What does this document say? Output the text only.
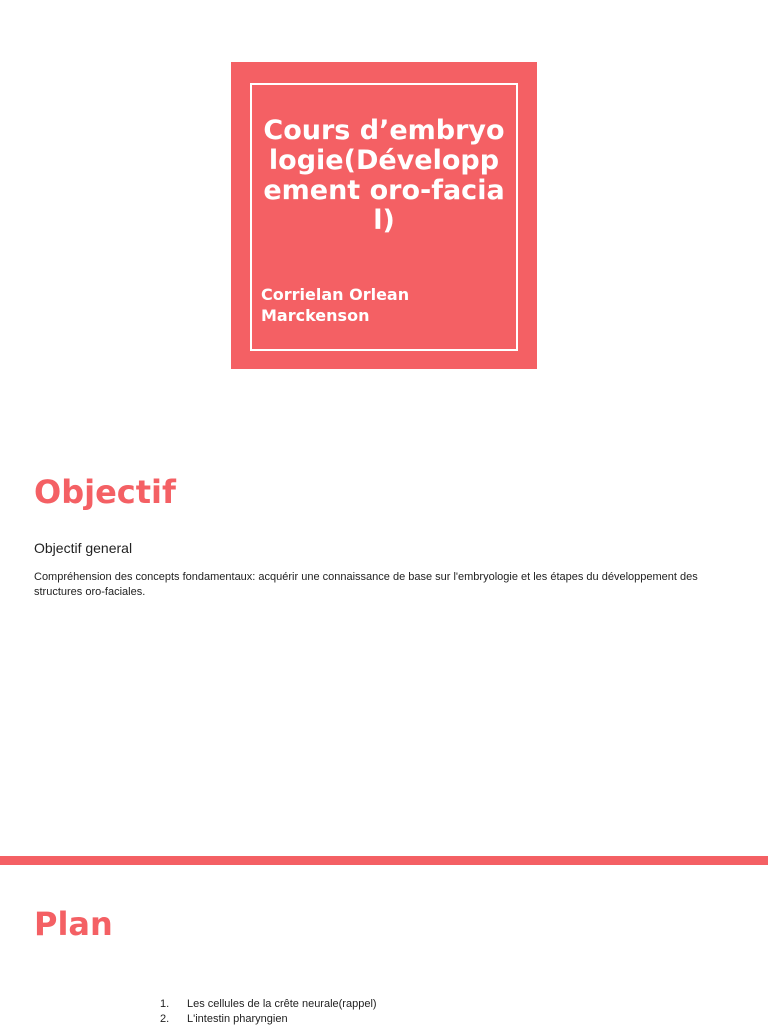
Cours d’embryologie(Développement oro-facial)
Corrielan Orlean Marckenson
Objectif
Objectif general
Compréhension des concepts fondamentaux: acquérir une connaissance de base sur l'embryologie et les étapes du développement des structures oro-faciales.
Plan
1.	Les cellules de la crête neurale(rappel)
2.	L'intestin pharyngien
